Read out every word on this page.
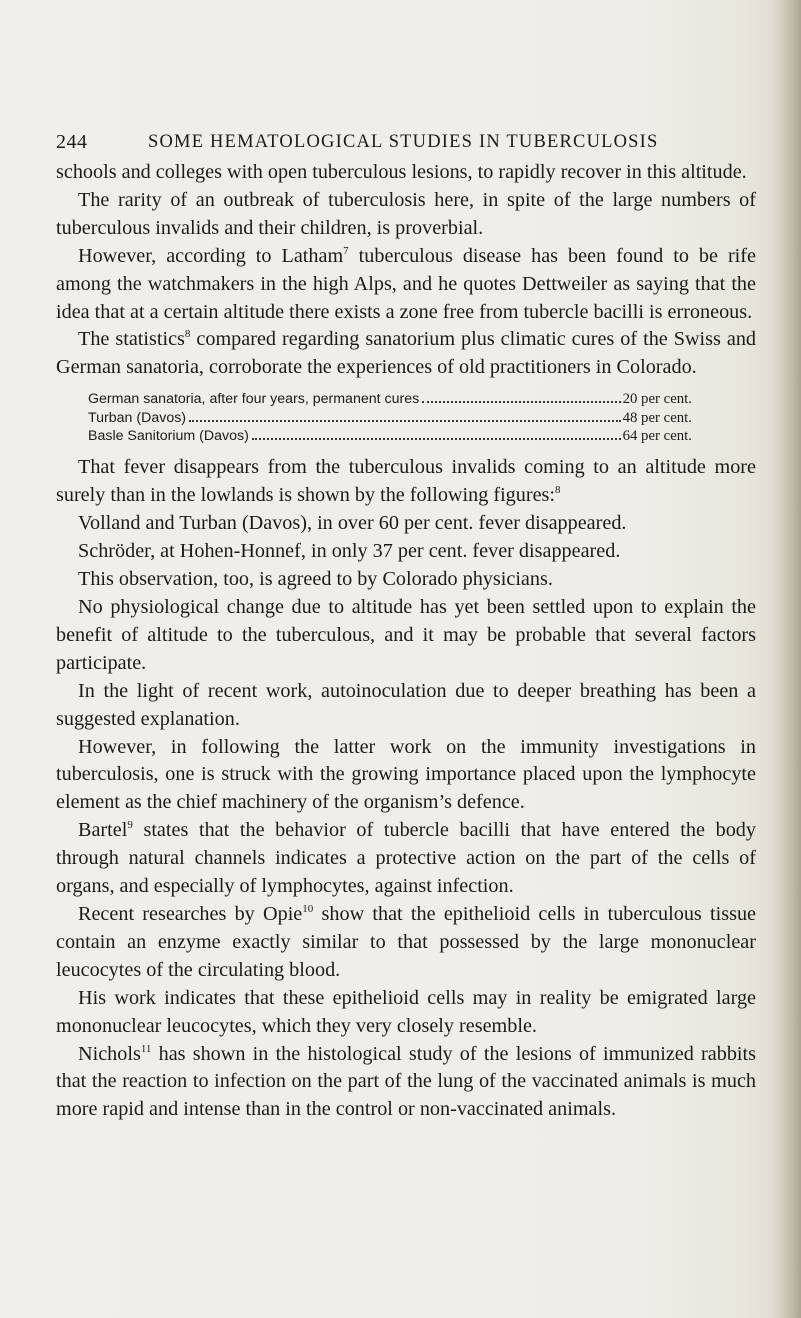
244	SOME HEMATOLOGICAL STUDIES IN TUBERCULOSIS

schools and colleges with open tuberculous lesions, to rapidly recover in this altitude.

The rarity of an outbreak of tuberculosis here, in spite of the large numbers of tuberculous invalids and their children, is proverbial.

However, according to Latham$^7$ tuberculous disease has been found to be rife among the watchmakers in the high Alps, and he quotes Dettweiler as saying that the idea that at a certain altitude there exists a zone free from tubercle bacilli is erroneous.

The statistics$^8$ compared regarding sanatorium plus climatic cures of the Swiss and German sanatoria, corroborate the experiences of old practitioners in Colorado.

German sanatoria, after four years, permanent cures	20 per cent.
Turban (Davos)	48 per cent.
Basle Sanitorium (Davos)	64 per cent.

That fever disappears from the tuberculous invalids coming to an altitude more surely than in the lowlands is shown by the following figures:$^8$

Volland and Turban (Davos), in over 60 per cent. fever disappeared.

Schröder, at Hohen-Honnef, in only 37 per cent. fever disappeared.

This observation, too, is agreed to by Colorado physicians.

No physiological change due to altitude has yet been settled upon to explain the benefit of altitude to the tuberculous, and it may be probable that several factors participate.

In the light of recent work, autoinoculation due to deeper breathing has been a suggested explanation.

However, in following the latter work on the immunity investigations in tuberculosis, one is struck with the growing importance placed upon the lymphocyte element as the chief machinery of the organism’s defence.

Bartel$^9$ states that the behavior of tubercle bacilli that have entered the body through natural channels indicates a protective action on the part of the cells of organs, and especially of lymphocytes, against infection.

Recent researches by Opie$^{10}$ show that the epithelioid cells in tuberculous tissue contain an enzyme exactly similar to that possessed by the large mononuclear leucocytes of the circulating blood.

His work indicates that these epithelioid cells may in reality be emigrated large mononuclear leucocytes, which they very closely resemble.

Nichols$^{11}$ has shown in the histological study of the lesions of immunized rabbits that the reaction to infection on the part of the lung of the vaccinated animals is much more rapid and intense than in the control or non-vaccinated animals.
